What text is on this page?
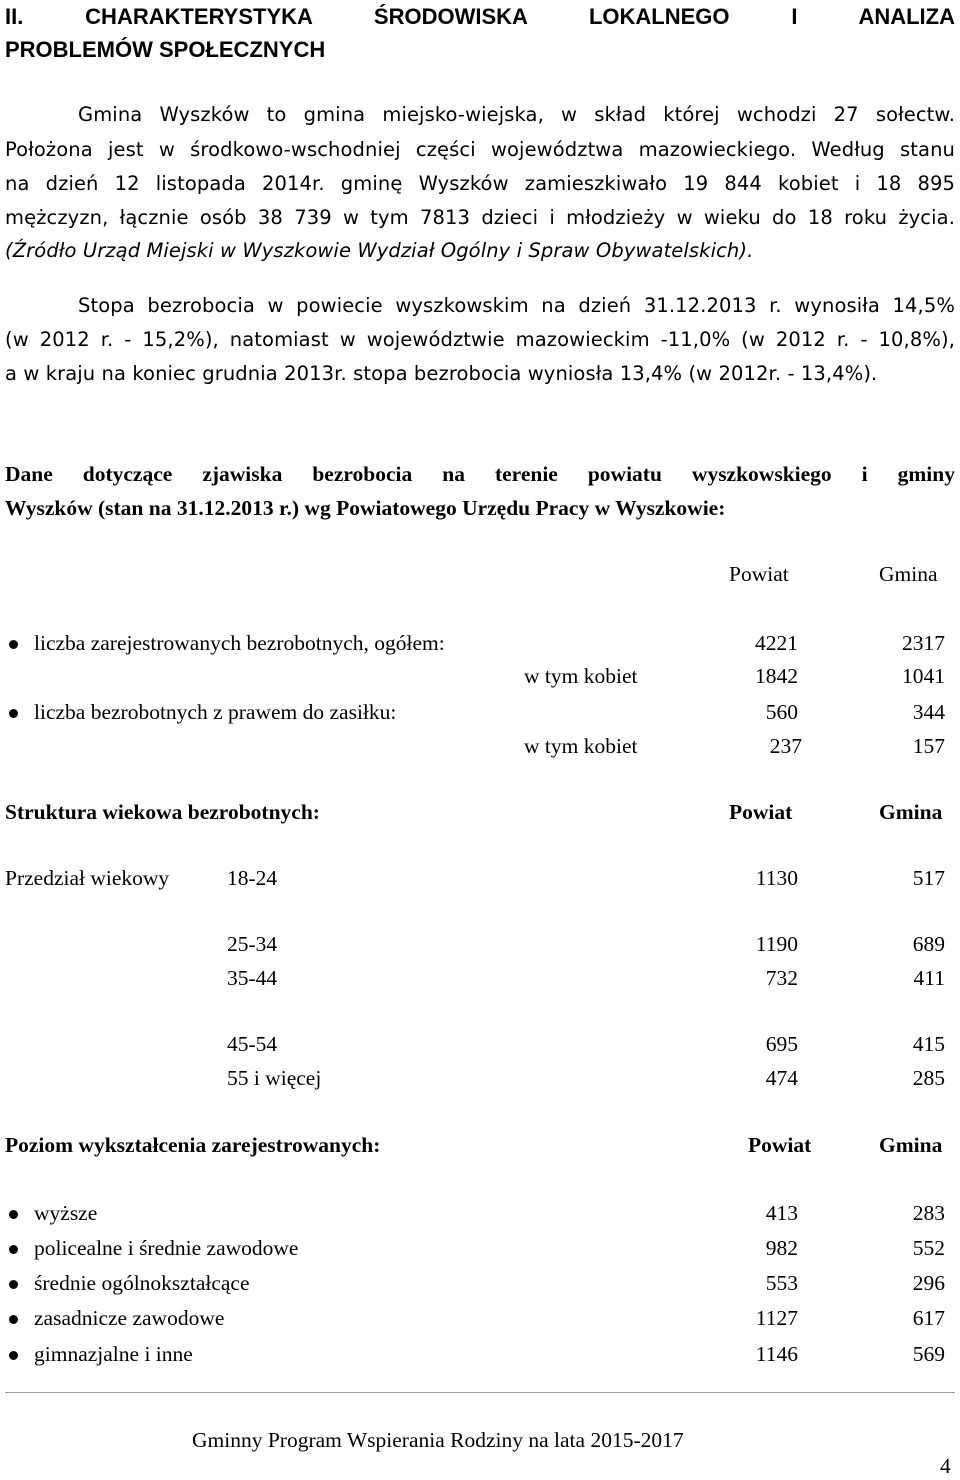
II. CHARAKTERYSTYKA ŚRODOWISKA LOKALNEGO I ANALIZA
PROBLEMÓW SPOŁECZNYCH
Gmina Wyszków to gmina miejsko-wiejska, w skład której wchodzi 27 sołectw.
Położona jest w środkowo-wschodniej części województwa mazowieckiego. Według stanu
na dzień 12 listopada 2014r. gminę Wyszków zamieszkiwało 19 844 kobiet i 18 895
mężczyzn, łącznie osób 38 739 w tym 7813 dzieci i młodzieży w wieku do 18 roku życia.
(Źródło Urząd Miejski w Wyszkowie Wydział Ogólny i Spraw Obywatelskich).
Stopa bezrobocia w powiecie wyszkowskim na dzień 31.12.2013 r. wynosiła 14,5%
(w 2012 r. - 15,2%), natomiast w województwie mazowieckim -11,0% (w 2012 r. - 10,8%),
a w kraju na koniec grudnia 2013r. stopa bezrobocia wyniosła 13,4% (w 2012r. - 13,4%).
Dane dotyczące zjawiska bezrobocia na terenie powiatu wyszkowskiego i gminy
Wyszków (stan na 31.12.2013 r.) wg Powiatowego Urzędu Pracy w Wyszkowie:
Powiat	Gmina
liczba zarejestrowanych bezrobotnych, ogółem:	4221	2317
w tym kobiet	1842	1041
liczba bezrobotnych z prawem do zasiłku:	560	344
w tym kobiet	237	157
Struktura wiekowa bezrobotnych:	Powiat	Gmina
Przedział wiekowy	18-24	1130	517
25-34	1190	689
35-44	732	411
45-54	695	415
55 i więcej	474	285
Poziom wykształcenia zarejestrowanych:	Powiat	Gmina
wyższe	413	283
policealne i średnie zawodowe	982	552
średnie ogólnokształcące	553	296
zasadnicze zawodowe	1127	617
gimnazjalne i inne	1146	569
Gminny Program Wspierania Rodziny na lata 2015-2017
4
